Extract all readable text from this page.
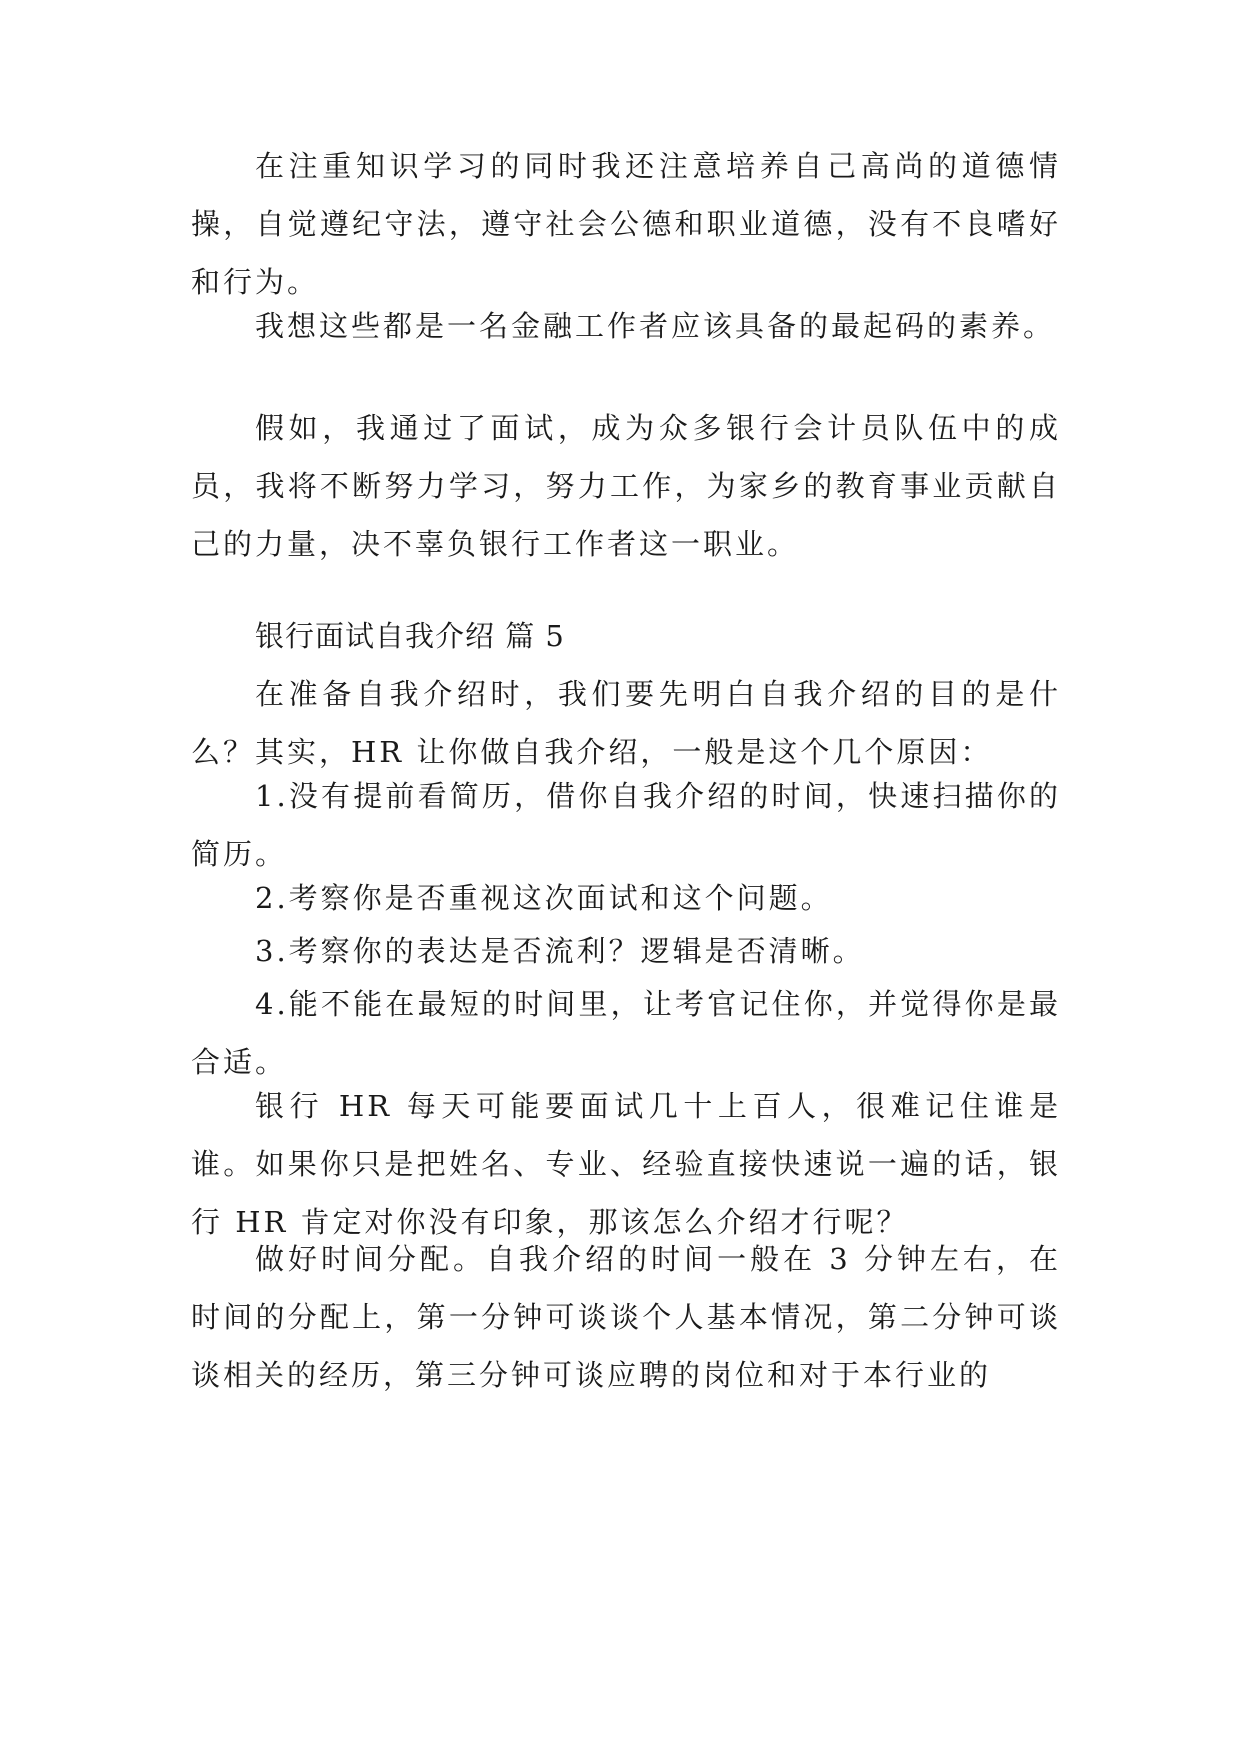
在注重知识学习的同时我还注意培养自己高尚的道德情操，自觉遵纪守法，遵守社会公德和职业道德，没有不良嗜好和行为。

我想这些都是一名金融工作者应该具备的最起码的素养。

假如，我通过了面试，成为众多银行会计员队伍中的成员，我将不断努力学习，努力工作，为家乡的教育事业贡献自己的力量，决不辜负银行工作者这一职业。

银行面试自我介绍 篇 5

在准备自我介绍时，我们要先明白自我介绍的目的是什么？其实，HR 让你做自我介绍，一般是这个几个原因：

1.没有提前看简历，借你自我介绍的时间，快速扫描你的简历。

2.考察你是否重视这次面试和这个问题。

3.考察你的表达是否流利？逻辑是否清晰。

4.能不能在最短的时间里，让考官记住你，并觉得你是最合适。

银行 HR 每天可能要面试几十上百人，很难记住谁是谁。如果你只是把姓名、专业、经验直接快速说一遍的话，银行 HR 肯定对你没有印象，那该怎么介绍才行呢？

做好时间分配。自我介绍的时间一般在 3 分钟左右，在时间的分配上，第一分钟可谈谈个人基本情况，第二分钟可谈谈相关的经历，第三分钟可谈应聘的岗位和对于本行业的
